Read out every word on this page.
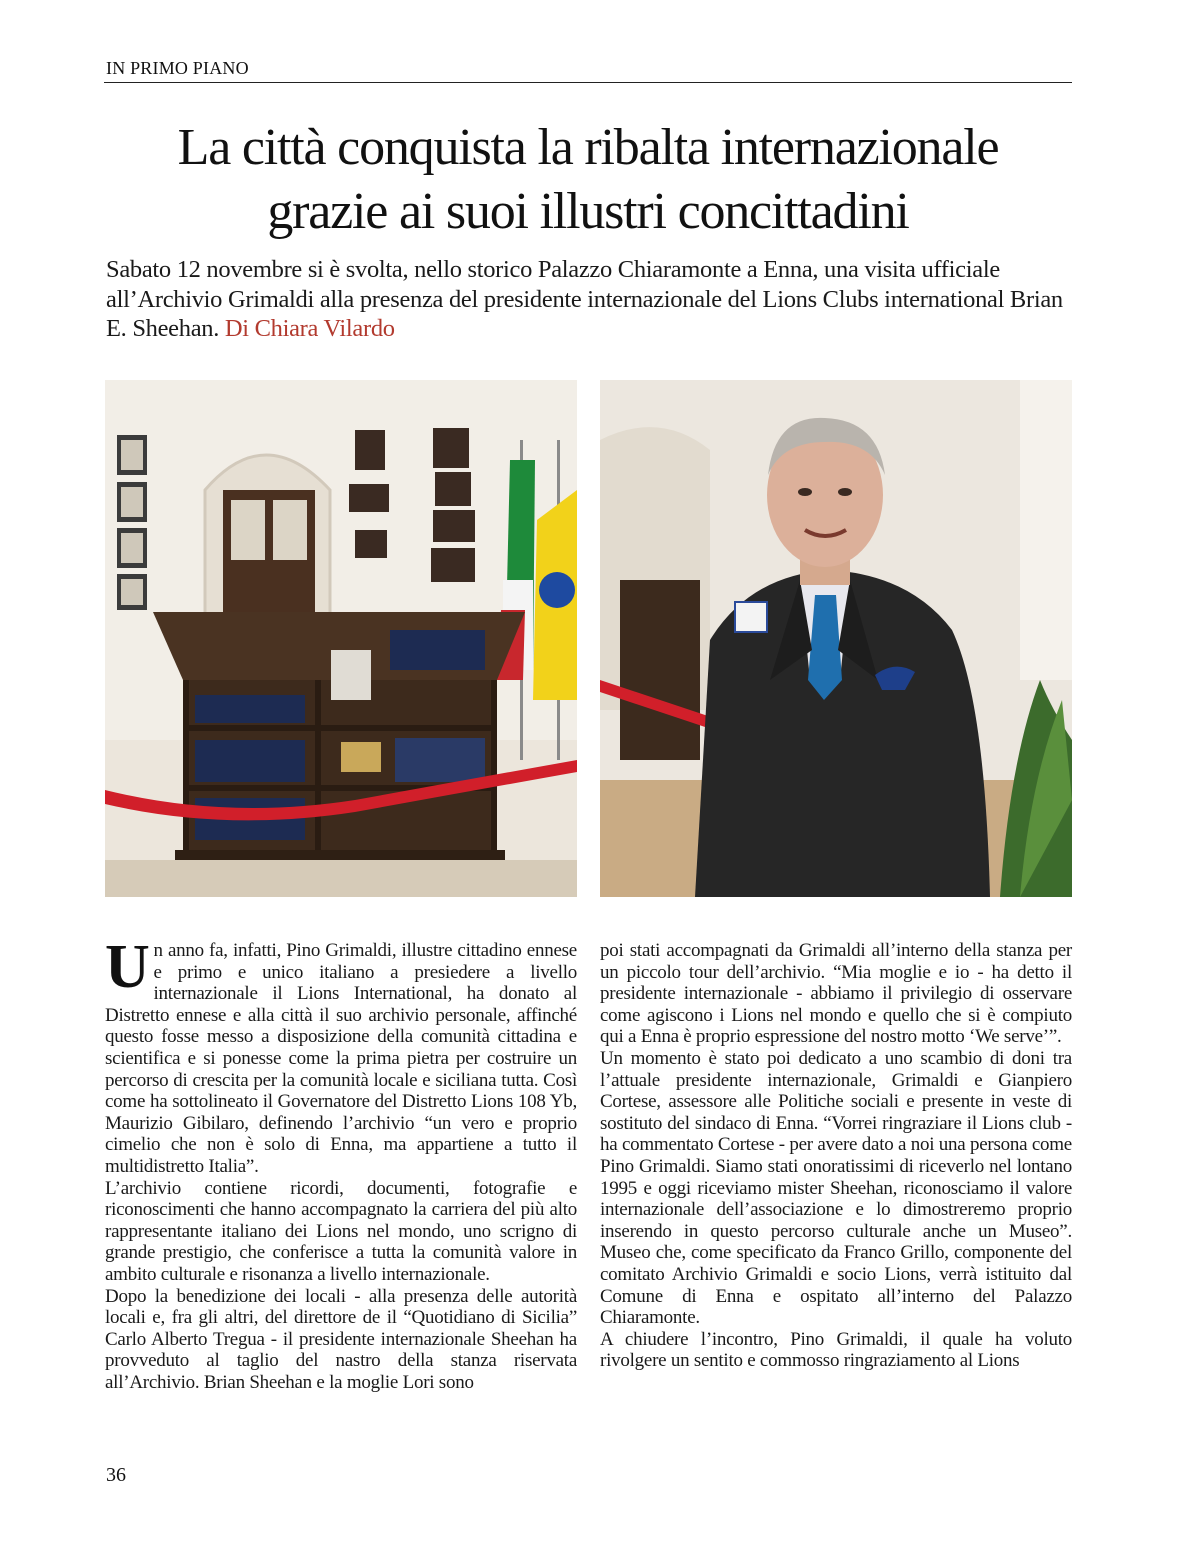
IN PRIMO PIANO
La città conquista la ribalta internazionale
grazie ai suoi illustri concittadini
Sabato 12 novembre si è svolta, nello storico Palazzo Chiaramonte a Enna, una visita ufficiale all’Archivio Grimaldi alla presenza del presidente internazionale del Lions Clubs international Brian E. Sheehan. Di Chiara Vilardo

Un anno fa, infatti, Pino Grimaldi, illustre cittadino ennese e primo e unico italiano a presiedere a livello internazionale il Lions International, ha donato al Distretto ennese e alla città il suo archivio personale, affinché questo fosse messo a disposizione della comunità cittadina e scientifica e si ponesse come la prima pietra per costruire un percorso di crescita per la comunità locale e siciliana tutta. Così come ha sottolineato il Governatore del Distretto Lions 108 Yb, Maurizio Gibilaro, definendo l’archivio “un vero e proprio cimelio che non è solo di Enna, ma appartiene a tutto il multidistretto Italia”.

L’archivio contiene ricordi, documenti, fotografie e riconoscimenti che hanno accompagnato la carriera del più alto rappresentante italiano dei Lions nel mondo, uno scrigno di grande prestigio, che conferisce a tutta la comunità valore in ambito culturale e risonanza a livello internazionale.

Dopo la benedizione dei locali - alla presenza delle autorità locali e, fra gli altri, del direttore de il “Quotidiano di Sicilia” Carlo Alberto Tregua - il presidente internazionale Sheehan ha provveduto al taglio del nastro della stanza riservata all’Archivio. Brian Sheehan e la moglie Lori sono

poi stati accompagnati da Grimaldi all’interno della stanza per un piccolo tour dell’archivio. “Mia moglie e io - ha detto il presidente internazionale - abbiamo il privilegio di osservare come agiscono i Lions nel mondo e quello che si è compiuto qui a Enna è proprio espressione del nostro motto ‘We serve’”.

Un momento è stato poi dedicato a uno scambio di doni tra l’attuale presidente internazionale, Grimaldi e Gianpiero Cortese, assessore alle Politiche sociali e presente in veste di sostituto del sindaco di Enna. “Vorrei ringraziare il Lions club - ha commentato Cortese - per avere dato a noi una persona come Pino Grimaldi. Siamo stati onoratissimi di riceverlo nel lontano 1995 e oggi riceviamo mister Sheehan, riconosciamo il valore internazionale dell’associazione e lo dimostreremo proprio inserendo in questo percorso culturale anche un Museo”. Museo che, come specificato da Franco Grillo, componente del comitato Archivio Grimaldi e socio Lions, verrà istituito dal Comune di Enna e ospitato all’interno del Palazzo Chiaramonte.

A chiudere l’incontro, Pino Grimaldi, il quale ha voluto rivolgere un sentito e commosso ringraziamento al Lions

36
